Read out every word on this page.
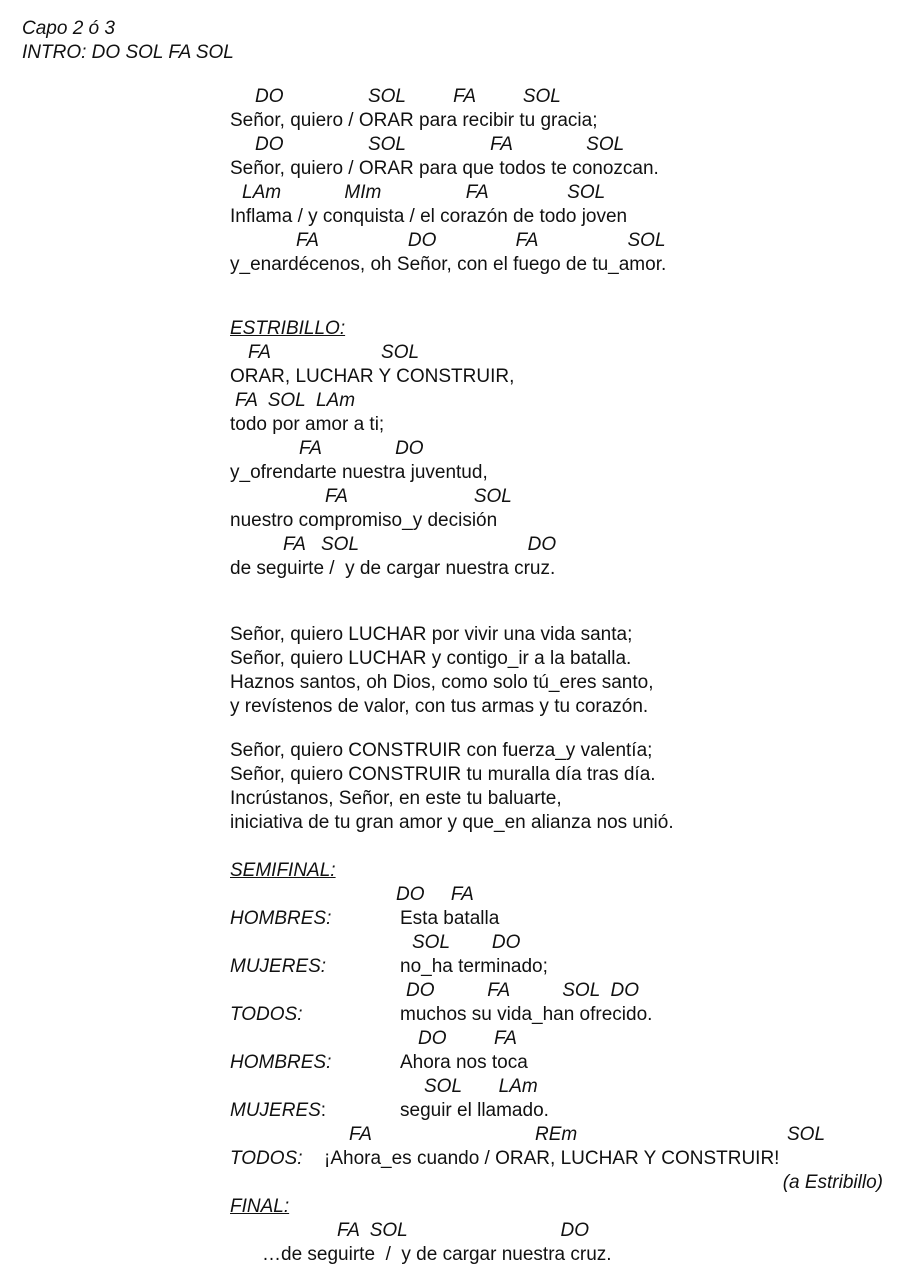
Capo 2 ó 3
INTRO: DO SOL FA SOL
DO                SOL         FA         SOL
Señor, quiero / ORAR para recibir tu gracia;
DO                SOL                FA              SOL
Señor, quiero / ORAR para que todos te conozcan.
LAm            MIm                FA               SOL
Inflama / y conquista / el corazón de todo joven
FA                 DO               FA                 SOL
y_enardécenos, oh Señor, con el fuego de tu_amor.
ESTRIBILLO:
FA                     SOL
ORAR, LUCHAR Y CONSTRUIR,
FA  SOL  LAm
todo por amor a ti;
FA              DO
y_ofrendarte nuestra juventud,
FA                        SOL
nuestro compromiso_y decisión
FA   SOL                                DO
de seguirte /  y de cargar nuestra cruz.
Señor, quiero LUCHAR por vivir una vida santa;
Señor, quiero LUCHAR y contigo_ir a la batalla.
Haznos santos, oh Dios, como solo tú_eres santo,
y revístenos de valor, con tus armas y tu corazón.
Señor, quiero CONSTRUIR con fuerza_y valentía;
Señor, quiero CONSTRUIR tu muralla día tras día.
Incrústanos, Señor, en este tu baluarte,
iniciativa de tu gran amor y que_en alianza nos unió.
SEMIFINAL:
DO     FA
HOMBRES:	Esta batalla
SOL        DO
MUJERES:	no_ha terminado;
DO          FA          SOL  DO
TODOS:	muchos su vida_han ofrecido.
DO         FA
HOMBRES:	Ahora nos toca
SOL       LAm
MUJERES:	seguir el llamado.
FA	REm	SOL
TODOS: ¡Ahora_es cuando / ORAR, LUCHAR Y CONSTRUIR!
(a Estribillo)
FINAL:
FA  SOL                             DO
…de seguirte  /  y de cargar nuestra cruz.
